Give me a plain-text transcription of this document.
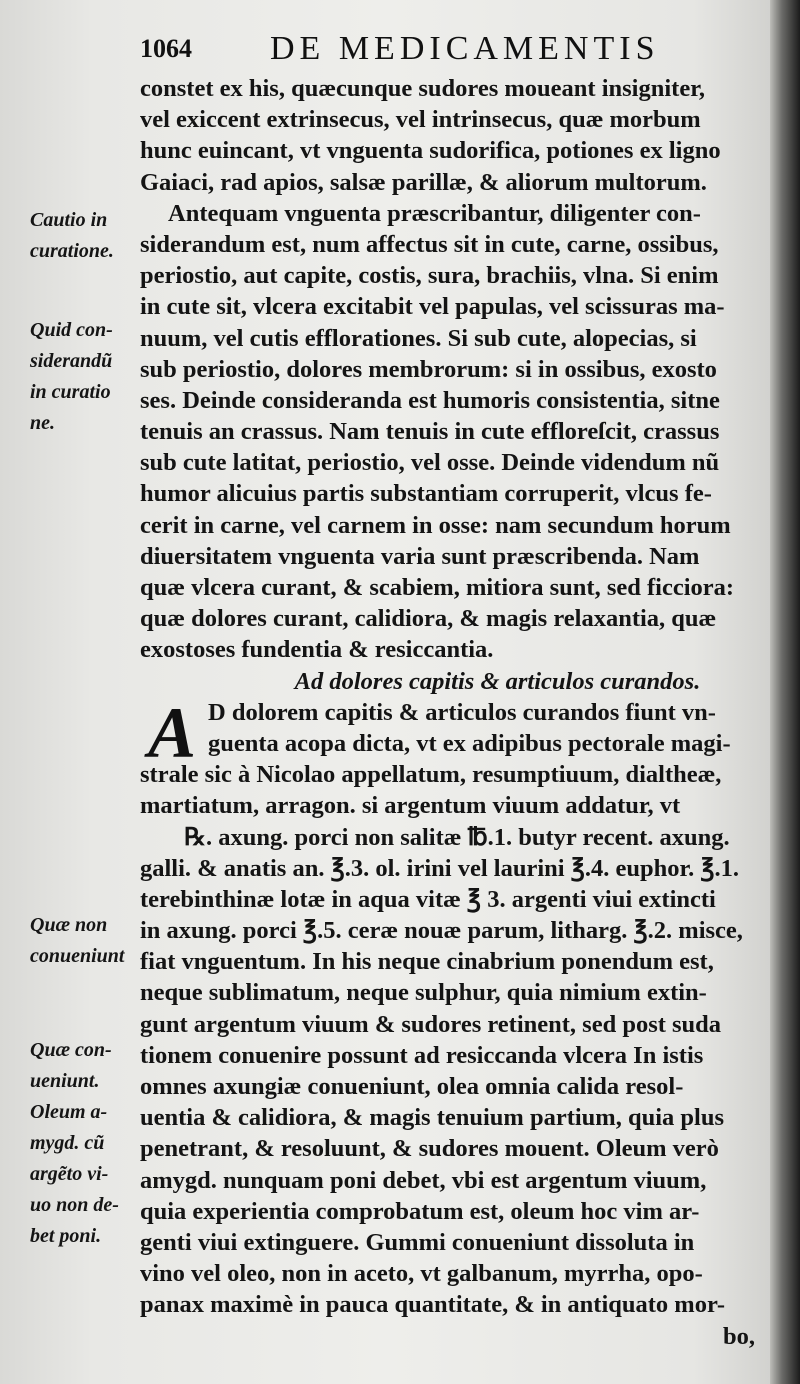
1064 DE MEDICAMENTIS
Cautio in
curatione.
Quid con-
siderandũ
in curatio
ne.
Quæ non
conueniunt
Quæ con-
ueniunt.
Oleum a-
mygd. cũ
argẽto vi-
uo non de-
bet poni.
constet ex his, quæcunque sudores moueant insigniter,
vel exiccent extrinsecus, vel intrinsecus, quæ morbum
hunc euincant, vt vnguenta sudorifica, potiones ex ligno
Gaiaci, rad apios, salsæ parillæ, & aliorum multorum.
Antequam vnguenta præscribantur, diligenter con-
siderandum est, num affectus sit in cute, carne, ossibus,
periostio, aut capite, costis, sura, brachiis, vlna. Si enim
in cute sit, vlcera excitabit vel papulas, vel scissuras ma-
nuum, vel cutis efflorationes. Si sub cute, alopecias, si
sub periostio, dolores membrorum: si in ossibus, exosto
ses. Deinde consideranda est humoris consistentia, sitne
tenuis an crassus. Nam tenuis in cute effloreſcit, crassus
sub cute latitat, periostio, vel osse. Deinde videndum nũ
humor alicuius partis substantiam corruperit, vlcus fe-
cerit in carne, vel carnem in osse: nam secundum horum
diuersitatem vnguenta varia sunt præscribenda. Nam
quæ vlcera curant, & scabiem, mitiora sunt, sed ficciora:
quæ dolores curant, calidiora, & magis relaxantia, quæ
exostoses fundentia & resiccantia.
Ad dolores capitis & articulos curandos.
A D dolorem capitis & articulos curandos fiunt vn-
guenta acopa dicta, vt ex adipibus pectorale magi-
strale sic à Nicolao appellatum, resumptiuum, dialtheæ,
martiatum, arragon. si argentum viuum addatur, vt
℞. axung. porci non salitæ ℔.1. butyr recent. axung.
galli. & anatis an. ℥.3. ol. irini vel laurini ℥.4. euphor. ℥.1.
terebinthinæ lotæ in aqua vitæ ℥ 3. argenti viui extincti
in axung. porci ℥.5. ceræ nouæ parum, litharg. ℥.2. misce,
fiat vnguentum. In his neque cinabrium ponendum est,
neque sublimatum, neque sulphur, quia nimium extin-
gunt argentum viuum & sudores retinent, sed post suda
tionem conuenire possunt ad resiccanda vlcera In istis
omnes axungiæ conueniunt, olea omnia calida resol-
uentia & calidiora, & magis tenuium partium, quia plus
penetrant, & resoluunt, & sudores mouent. Oleum verò
amygd. nunquam poni debet, vbi est argentum viuum,
quia experientia comprobatum est, oleum hoc vim ar-
genti viui extinguere. Gummi conueniunt dissoluta in
vino vel oleo, non in aceto, vt galbanum, myrrha, opo-
panax maximè in pauca quantitate, & in antiquato mor-
bo,
